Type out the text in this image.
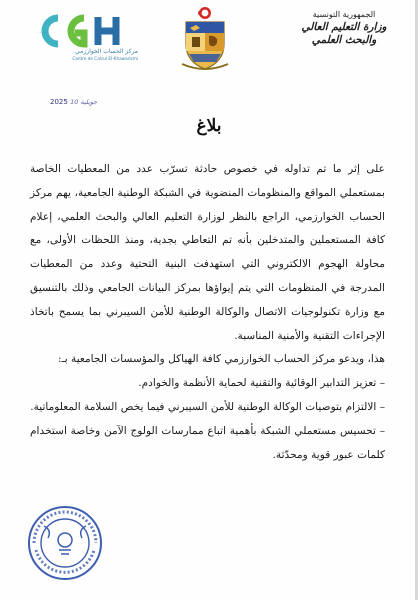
الجمهورية التونسية
وزارة التعليم العالي
والبحث العلمي
· · · · ·
مركز الحساب الخوارزمي
Centre de Calcul El-Khawarizmi
2025 10 جويلية
بلاغ

على إثر ما تم تداوله في خصوص حادثة تسرّب عدد من المعطيات الخاصة بمستعملي المواقع والمنظومات المنضوية في الشبكة الوطنية الجامعية، يهم مركز الحساب الخوارزمي، الراجع بالنظر لوزارة التعليم العالي والبحث العلمي، إعلام كافة المستعملين والمتدخلين بأنه تم التعاطي بجدية، ومنذ اللحظات الأولى، مع محاولة الهجوم الالكتروني التي استهدفت البنية التحتية وعدد من المعطيات المدرجة في المنظومات التي يتم إيواؤها بمركز البيانات الجامعي وذلك بالتنسيق مع وزارة تكنولوجيات الاتصال والوكالة الوطنية للأمن السيبرني بما يسمح باتخاذ الإجراءات التقنية والأمنية المناسبة.

هذا، ويدعو مركز الحساب الخوارزمي كافة الهياكل والمؤسسات الجامعية بـ:

– تعزيز التدابير الوقائية والتقنية لحماية الأنظمة والخوادم.

– الالتزام بتوصيات الوكالة الوطنية للأمن السيبرني فيما يخص السلامة المعلوماتية.

– تحسيس مستعملي الشبكة بأهمية اتباع ممارسات الولوج الآمن وخاصة استخدام كلمات عبور قوية ومحدّثة.
